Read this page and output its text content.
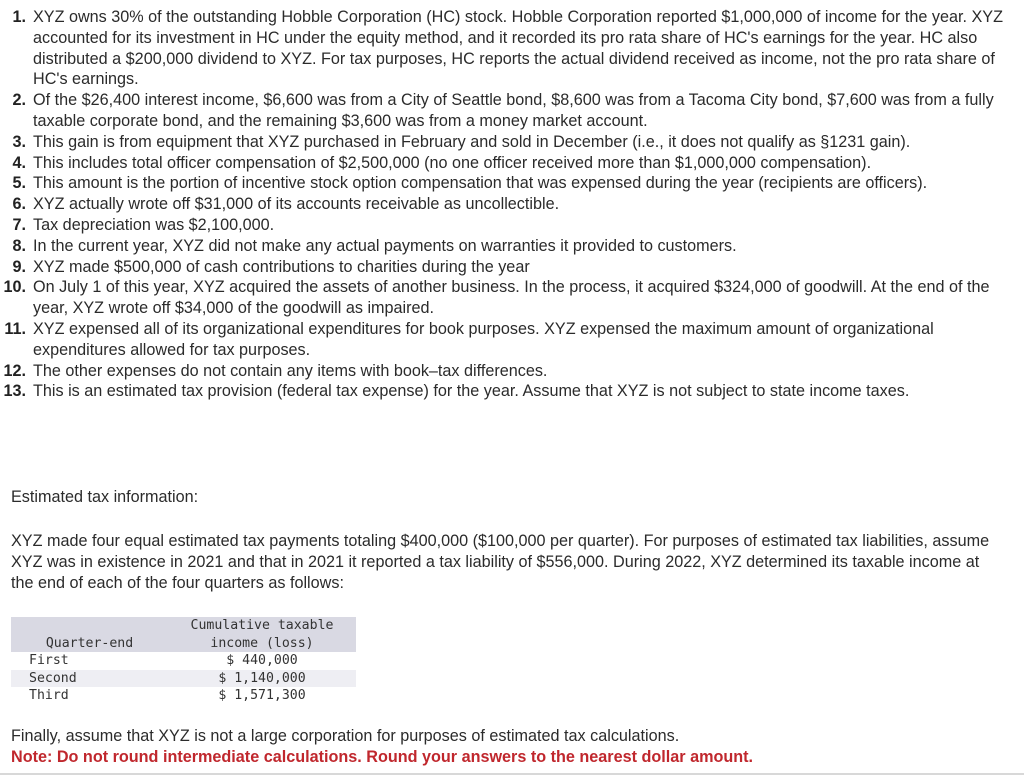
1. XYZ owns 30% of the outstanding Hobble Corporation (HC) stock. Hobble Corporation reported $1,000,000 of income for the year. XYZ accounted for its investment in HC under the equity method, and it recorded its pro rata share of HC's earnings for the year. HC also distributed a $200,000 dividend to XYZ. For tax purposes, HC reports the actual dividend received as income, not the pro rata share of HC's earnings.
2. Of the $26,400 interest income, $6,600 was from a City of Seattle bond, $8,600 was from a Tacoma City bond, $7,600 was from a fully taxable corporate bond, and the remaining $3,600 was from a money market account.
3. This gain is from equipment that XYZ purchased in February and sold in December (i.e., it does not qualify as §1231 gain).
4. This includes total officer compensation of $2,500,000 (no one officer received more than $1,000,000 compensation).
5. This amount is the portion of incentive stock option compensation that was expensed during the year (recipients are officers).
6. XYZ actually wrote off $31,000 of its accounts receivable as uncollectible.
7. Tax depreciation was $2,100,000.
8. In the current year, XYZ did not make any actual payments on warranties it provided to customers.
9. XYZ made $500,000 of cash contributions to charities during the year
10. On July 1 of this year, XYZ acquired the assets of another business. In the process, it acquired $324,000 of goodwill. At the end of the year, XYZ wrote off $34,000 of the goodwill as impaired.
11. XYZ expensed all of its organizational expenditures for book purposes. XYZ expensed the maximum amount of organizational expenditures allowed for tax purposes.
12. The other expenses do not contain any items with book–tax differences.
13. This is an estimated tax provision (federal tax expense) for the year. Assume that XYZ is not subject to state income taxes.

Estimated tax information:

XYZ made four equal estimated tax payments totaling $400,000 ($100,000 per quarter). For purposes of estimated tax liabilities, assume XYZ was in existence in 2021 and that in 2021 it reported a tax liability of $556,000. During 2022, XYZ determined its taxable income at the end of each of the four quarters as follows:

Quarter-end	Cumulative taxable
income (loss)
First	$ 440,000
Second	$ 1,140,000
Third	$ 1,571,300

Finally, assume that XYZ is not a large corporation for purposes of estimated tax calculations.

Note: Do not round intermediate calculations. Round your answers to the nearest dollar amount.
